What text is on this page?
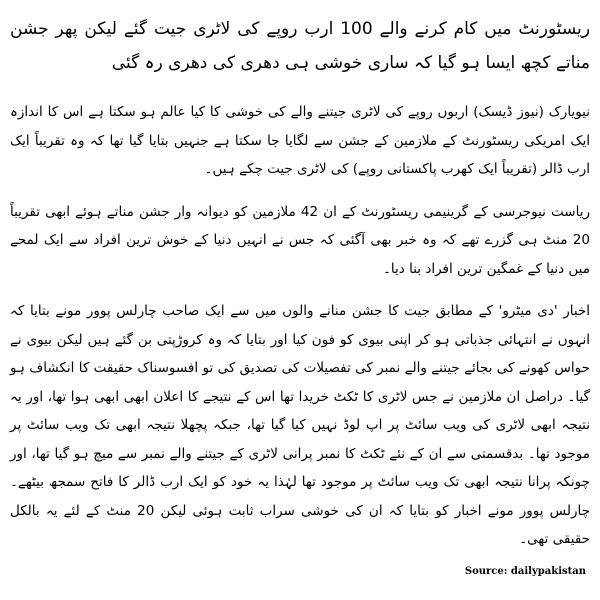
ریسٹورنٹ میں کام کرنے والے 100 ارب روپے کی لاٹری جیت گئے لیکن پھر جشن مناتے کچھ ایسا ہو گیا کہ ساری خوشی ہی دھری کی دھری رہ گئی

نیویارک (نیوز ڈیسک) اربوں روپے کی لاٹری جیتنے والے کی خوشی کا کیا عالم ہو سکتا ہے اس کا اندازہ ایک امریکی ریسٹورنٹ کے ملازمین کے جشن سے لگایا جا سکتا ہے جنہیں بتایا گیا تھا کہ وہ تقریباً ایک ارب ڈالر (تقریباً ایک کھرب پاکستانی روپے) کی لاٹری جیت چکے ہیں۔

ریاست نیوجرسی کے گرینیمی ریسٹورنٹ کے ان 42 ملازمین کو دیوانہ وار جشن مناتے ہوئے ابھی تقریباً 20 منٹ ہی گزرے تھے کہ وہ خبر بھی آگئی کہ جس نے انہیں دنیا کے خوش ترین افراد سے ایک لمحے میں دنیا کے غمگین ترین افراد بنا دیا۔

اخبار 'دی میٹرو' کے مطابق جیت کا جشن منانے والوں میں سے ایک صاحب چارلس پوور مونے بتایا کہ انہوں نے انتہائی جذباتی ہو کر اپنی بیوی کو فون کیا اور بتایا کہ وہ کروڑپتی بن گئے ہیں لیکن بیوی نے حواس کھونے کی بجائے جیتنے والے نمبر کی تفصیلات کی تصدیق کی تو افسوسناک حقیقت کا انکشاف ہو گیا۔ دراصل ان ملازمین نے جس لاٹری کا ٹکٹ خریدا تھا اس کے نتیجے کا اعلان ابھی ابھی ہوا تھا، اور یہ نتیجہ ابھی لاٹری کی ویب سائٹ پر اپ لوڈ نہیں کیا گیا تھا، جبکہ پچھلا نتیجہ ابھی تک ویب سائٹ پر موجود تھا۔ بدقسمتی سے ان کے نئے ٹکٹ کا نمبر پرانی لاٹری کے جیتنے والے نمبر سے میچ ہو گیا تھا، اور چونکہ پرانا نتیجہ ابھی تک ویب سائٹ پر موجود تھا لہٰذا یہ خود کو ایک ارب ڈالر کا فاتح سمجھ بیٹھے۔ چارلس پوور مونے اخبار کو بتایا کہ ان کی خوشی سراب ثابت ہوئی لیکن 20 منٹ کے لئے یہ بالکل حقیقی تھی۔

Source: dailypakistan
